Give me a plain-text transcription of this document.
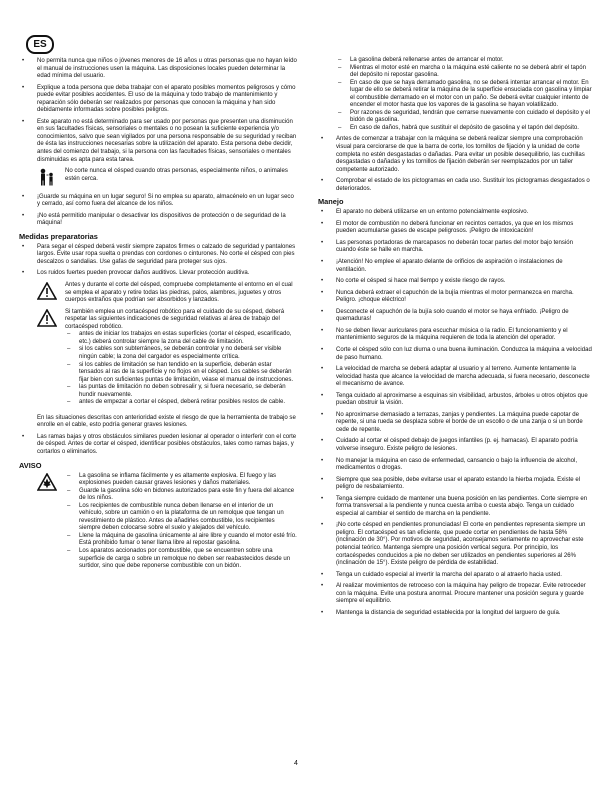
ES

• No permita nunca que niños o jóvenes menores de 16 años u otras personas que no hayan leído el manual de instrucciones usen la máquina. Las disposiciones locales pueden determinar la edad mínima del usuario.

• Explique a toda persona que deba trabajar con el aparato posibles momentos peligrosos y cómo puede evitar posibles accidentes. El uso de la máquina y todo trabajo de mantenimiento y reparación sólo deberán ser realizados por personas que conocen la máquina y han sido debidamente informadas sobre posibles peligros.

• Este aparato no está determinado para ser usado por personas que presenten una disminución en sus facultades físicas, sensoriales o mentales o no posean la suficiente experiencia y/o conocimientos, salvo que sean vigilados por una persona responsable de su seguridad y reciban de ésta las instrucciones necesarias sobre la utilización del aparato. Esta persona debe decidir, antes del comienzo del trabajo, si la persona con las facultades físicas, sensoriales o mentales disminuidas es apta para esta tarea.

No corte nunca el césped cuando otras personas, especialmente niños, o animales estén cerca.

• ¡Guarde su máquina en un lugar seguro! Si no emplea su aparato, almacénelo en un lugar seco y cerrado, así como fuera del alcance de los niños.

• ¡No está permitido manipular o desactivar los dispositivos de protección o de seguridad de la máquina!

Medidas preparatorias

• Para segar el césped deberá vestir siempre zapatos firmes o calzado de seguridad y pantalones largos. Evite usar ropa suelta o prendas con cordones o cinturones. No corte el césped con pies descalzos o sandalias. Use gafas de seguridad para proteger sus ojos.

• Los ruidos fuertes pueden provocar daños auditivos. Llevar protección auditiva.

Antes y durante el corte del césped, compruebe completamente el entorno en el cual se emplea el aparato y retire todas las piedras, palos, alambres, juguetes y otros cuerpos extraños que podrían ser absorbidos y lanzados.

Si también emplea un cortacésped robótico para el cuidado de su césped, deberá respetar las siguientes indicaciones de seguridad relativas al área de trabajo del cortacésped robótico.

– antes de iniciar los trabajos en estas superficies (cortar el césped, escarificado, etc.) deberá controlar siempre la zona del cable de limitación.

– si los cables son subterráneos, se deberán controlar y no deberá ser visible ningún cable; la zona del cargador es especialmente crítica.

– si los cables de limitación se han tendido en la superficie, deberán estar tensados al ras de la superficie y no flojos en el césped. Los cables se deberán fijar bien con suficientes puntas de limitación, véase el manual de instrucciones.

– las puntas de limitación no deben sobresalir y, si fuera necesario, se deberán hundir nuevamente.

– antes de empezar a cortar el césped, deberá retirar posibles restos de cable.

En las situaciones descritas con anterioridad existe el riesgo de que la herramienta de trabajo se enrolle en el cable, esto podría generar graves lesiones.

• Las ramas bajas y otros obstáculos similares pueden lesionar al operador o interferir con el corte de césped. Antes de cortar el césped, identificar posibles obstáculos, tales como ramas bajas, y cortarlos o eliminarlos.

AVISO

– La gasolina se inflama fácilmente y es altamente explosiva. El fuego y las explosiones pueden causar graves lesiones y daños materiales.

– Guarde la gasolina sólo en bidones autorizados para este fin y fuera del alcance de los niños.

– Los recipientes de combustible nunca deben llenarse en el interior de un vehículo, sobre un camión o en la plataforma de un remolque que tengan un revestimiento de plástico. Antes de añadirles combustible, los recipientes siempre deben colocarse sobre el suelo y alejados del vehículo.

– Llene la máquina de gasolina únicamente al aire libre y cuando el motor esté frío. Está prohibido fumar o tener llama libre al repostar gasolina.

– Los aparatos accionados por combustible, que se encuentren sobre una superficie de carga o sobre un remolque no deben ser reabastecidos desde un surtidor, sino que debe reponerse combustible con un bidón.

– La gasolina deberá rellenarse antes de arrancar el motor.

– Mientras el motor esté en marcha o la máquina esté caliente no se deberá abrir el tapón del depósito ni repostar gasolina.

– En caso de que se haya derramado gasolina, no se deberá intentar arrancar el motor. En lugar de ello se deberá retirar la máquina de la superficie ensuciada con gasolina y limpiar el combustible derramado en el motor con un paño. Se deberá evitar cualquier intento de encender el motor hasta que los vapores de la gasolina se hayan volatilizado.

– Por razones de seguridad, tendrán que cerrarse nuevamente con cuidado el depósito y el bidón de gasolina.

– En caso de daños, habrá que sustituir el depósito de gasolina y el tapón del depósito.

• Antes de comenzar a trabajar con la máquina se deberá realizar siempre una comprobación visual para cerciorarse de que la barra de corte, los tornillos de fijación y la unidad de corte completa no estén desgastadas o dañadas. Para evitar un posible desequilibrio, las cuchillas desgastadas o dañadas y los tornillos de fijación deberán ser reemplazados por un taller competente autorizado.

• Comprobar el estado de los pictogramas en cada uso. Sustituir los pictogramas desgastados o deteriorados.

Manejo

• El aparato no deberá utilizarse en un entorno potencialmente explosivo.

• El motor de combustión no deberá funcionar en recintos cerrados, ya que en los mismos pueden acumularse gases de escape peligrosos. ¡Peligro de intoxicación!

• Las personas portadoras de marcapasos no deberán tocar partes del motor bajo tensión cuando éste se halle en marcha.

• ¡Atención! No emplee el aparato delante de orificios de aspiración o instalaciones de ventilación.

• No corte el césped si hace mal tiempo y existe riesgo de rayos.

• Nunca deberá extraer el capuchón de la bujía mientras el motor permanezca en marcha. Peligro. ¡choque eléctrico!

• Desconecte el capuchón de la bujía solo cuando el motor se haya enfriado. ¡Peligro de quemaduras!

• No se deben llevar auriculares para escuchar música o la radio. El funcionamiento y el mantenimiento seguros de la máquina requieren de toda la atención del operador.

• Corte el césped sólo con luz diurna o una buena iluminación. Conduzca la máquina a velocidad de paso humano.

• La velocidad de marcha se deberá adaptar al usuario y al terreno. Aumente lentamente la velocidad hasta que alcance la velocidad de marcha adecuada, si fuera necesario, desconecte el mecanismo de avance.

• Tenga cuidado al aproximarse a esquinas sin visibilidad, arbustos, árboles u otros objetos que puedan obstruir la visión.

• No aproximarse demasiado a terrazas, zanjas y pendientes. La máquina puede capotar de repente, si una rueda se desplaza sobre el borde de un escollo o de una zanja o si un borde cede de repente.

• Cuidado al cortar el césped debajo de juegos infantiles (p. ej. hamacas). El aparato podría volverse inseguro. Existe peligro de lesiones.

• No manejar la máquina en caso de enfermedad, cansancio o bajo la influencia de alcohol, medicamentos o drogas.

• Siempre que sea posible, debe evitarse usar el aparato estando la hierba mojada. Existe el peligro de resbalamiento.

• Tenga siempre cuidado de mantener una buena posición en las pendientes. Corte siempre en forma transversal a la pendiente y nunca cuesta arriba o cuesta abajo. Tenga un cuidado especial al cambiar el sentido de marcha en la pendiente.

• ¡No corte césped en pendientes pronunciadas! El corte en pendientes representa siempre un peligro. El cortacésped es tan eficiente, que puede cortar en pendientes de hasta 58% (inclinación de 30°). Por motivos de seguridad, aconsejamos seriamente no aprovechar este potencial teórico. Mantenga siempre una posición vertical segura. Por principio, los cortacéspedes conducidos a pie no deben ser utilizados en pendientes superiores al 26% (inclinación de 15°). Existe peligro de pérdida de estabilidad.

• Tenga un cuidado especial al invertir la marcha del aparato o al atraerlo hacia usted.

• Al realizar movimientos de retroceso con la máquina hay peligro de tropezar. Evite retroceder con la máquina. Evite una postura anormal. Procure mantener una posición segura y guarde siempre el equilibrio.

• Mantenga la distancia de seguridad establecida por la longitud del larguero de guía.

4
